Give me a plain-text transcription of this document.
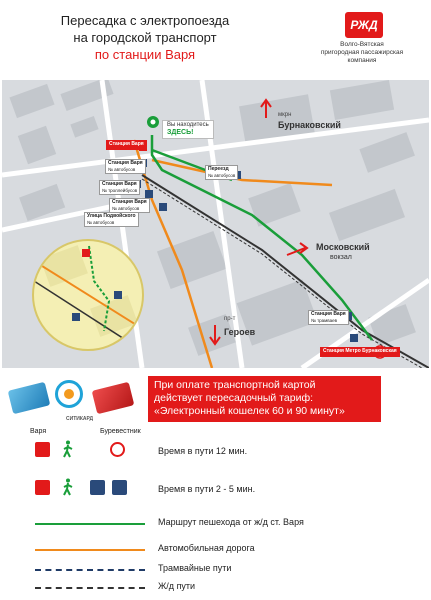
Пересадка с электропоезда
на городской транспорт
по станции Варя
РЖД
Волго-Вятская
пригородная пассажирская
компания
Вы находитесь
ЗДЕСЬ!
мкрн
Бурнаковский
Московский
вокзал
пр-т
Героев
Станция Варя
Станция Варя
№ автобусов
Станция Варя
№ троллейбусов
Станция Варя
№ автобусов
Улица Подвойского
№ автобусов
Переезд
№ автобусов
Станция Варя
№ трамваев
Станция Метро Бурнаковская
СИТИКАРД
При оплате транспортной картой
действует пересадочный тариф:
«Электронный кошелек 60 и 90 минут»
Варя	Буревестник
Время в пути 12 мин.
Время в пути 2 - 5 мин.
Маршрут пешехода от ж/д ст. Варя
Автомобильная дорога
Трамвайные пути
Ж/д пути
